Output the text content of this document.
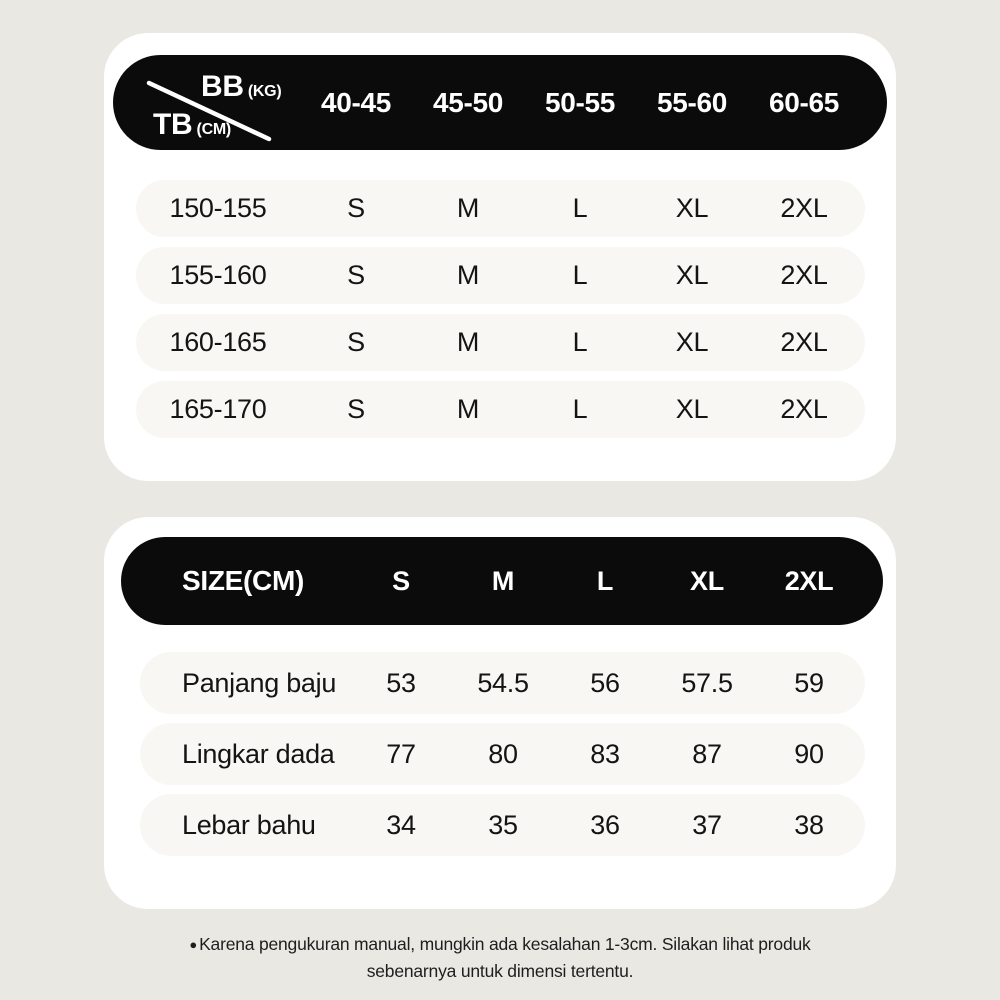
BB (KG)
TB (CM)
40-45	45-50	50-55	55-60	60-65
150-155	S	M	L	XL	2XL
155-160	S	M	L	XL	2XL
160-165	S	M	L	XL	2XL
165-170	S	M	L	XL	2XL
SIZE(CM)	S	M	L	XL	2XL
Panjang baju	53	54.5	56	57.5	59
Lingkar dada	77	80	83	87	90
Lebar bahu	34	35	36	37	38
● Karena pengukuran manual, mungkin ada kesalahan 1-3cm. Silakan lihat produk sebenarnya untuk dimensi tertentu.
